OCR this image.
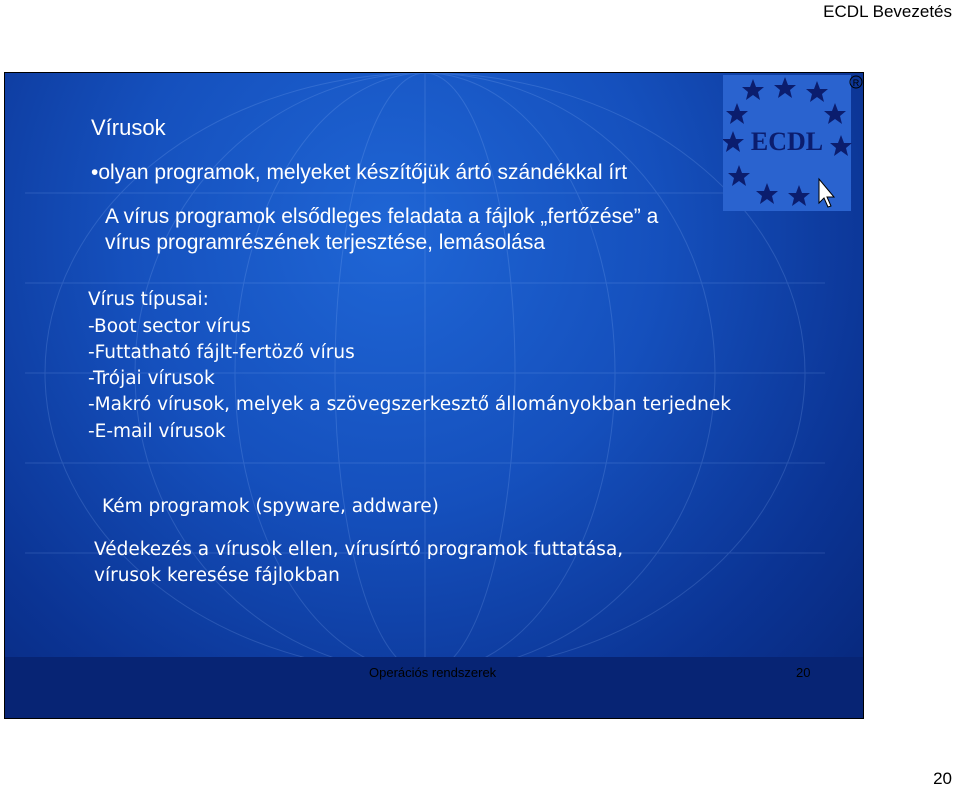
ECDL Bevezetés
ECDL
R
Vírusok
•olyan programok, melyeket készítőjük ártó szándékkal írt
A vírus programok elsődleges feladata a fájlok „fertőzése” a
vírus programrészének terjesztése, lemásolása
Vírus típusai:
-Boot sector vírus
-Futtatható fájlt-fertöző vírus
-Trójai vírusok
-Makró vírusok, melyek a szövegszerkesztő állományokban terjednek
-E-mail vírusok
Kém programok (spyware, addware)
Védekezés a vírusok ellen, vírusírtó programok futtatása,
vírusok keresése fájlokban
Operációs rendszerek	20
20
